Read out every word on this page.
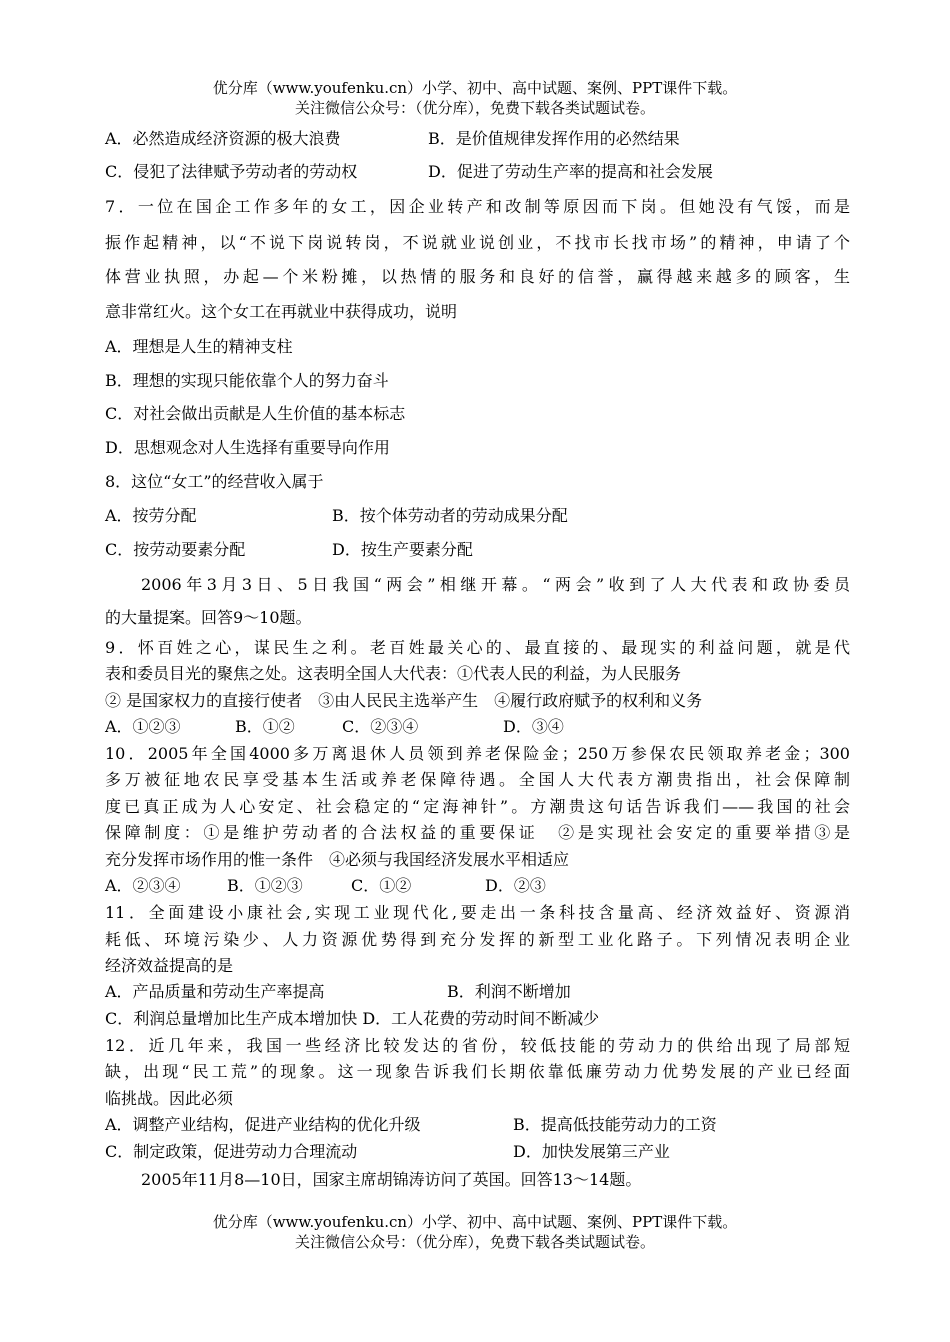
优分库（www.youfenku.cn）小学、初中、高中试题、案例、PPT课件下载。
关注微信公众号：（优分库），免费下载各类试题试卷。
A．必然造成经济资源的极大浪费	B．是价值规律发挥作用的必然结果
C．侵犯了法律赋予劳动者的劳动权	D．促进了劳动生产率的提高和社会发展
7．一位在国企工作多年的女工，因企业转产和改制等原因而下岗。但她没有气馁，而是
振作起精神，以“不说下岗说转岗，不说就业说创业，不找市长找市场”的精神，申请了个
体营业执照，办起—个米粉摊，以热情的服务和良好的信誉，赢得越来越多的顾客，生
意非常红火。这个女工在再就业中获得成功，说明
A．理想是人生的精神支柱
B．理想的实现只能依靠个人的努力奋斗
C．对社会做出贡献是人生价值的基本标志
D．思想观念对人生选择有重要导向作用
8．这位“女工”的经营收入属于
A．按劳分配	B．按个体劳动者的劳动成果分配
C．按劳动要素分配	D．按生产要素分配
2006年3月3日、5日我国“两会”相继开幕。“两会”收到了人大代表和政协委员
的大量提案。回答9～10题。
9．怀百姓之心，谋民生之利。老百姓最关心的、最直接的、最现实的利益问题，就是代
表和委员目光的聚焦之处。这表明全国人大代表：①代表人民的利益，为人民服务
② 是国家权力的直接行使者　③由人民民主选举产生　④履行政府赋予的权利和义务
A．①②③	B．①②	C．②③④	D．③④
10．2005年全国4000多万离退休人员领到养老保险金；250万参保农民领取养老金；300
多万被征地农民享受基本生活或养老保障待遇。全国人大代表方潮贵指出，社会保障制
度已真正成为人心安定、社会稳定的“定海神针”。方潮贵这句话告诉我们——我国的社会
保障制度：①是维护劳动者的合法权益的重要保证　②是实现社会安定的重要举措③是
充分发挥市场作用的惟一条件　④必须与我国经济发展水平相适应
A．②③④	B．①②③	C．①②	D．②③
11．全面建设小康社会,实现工业现代化,要走出一条科技含量高、经济效益好、资源消
耗低、环境污染少、人力资源优势得到充分发挥的新型工业化路子。下列情况表明企业
经济效益提高的是
A．产品质量和劳动生产率提高	B．利润不断增加
C．利润总量增加比生产成本增加快 D．工人花费的劳动时间不断减少
12．近几年来，我国一些经济比较发达的省份，较低技能的劳动力的供给出现了局部短
缺，出现“民工荒”的现象。这一现象告诉我们长期依靠低廉劳动力优势发展的产业已经面
临挑战。因此必须
A．调整产业结构，促进产业结构的优化升级	B．提高低技能劳动力的工资
C．制定政策，促进劳动力合理流动	D．加快发展第三产业
2005年11月8—10日，国家主席胡锦涛访问了英国。回答13～14题。
优分库（www.youfenku.cn）小学、初中、高中试题、案例、PPT课件下载。
关注微信公众号：（优分库），免费下载各类试题试卷。
